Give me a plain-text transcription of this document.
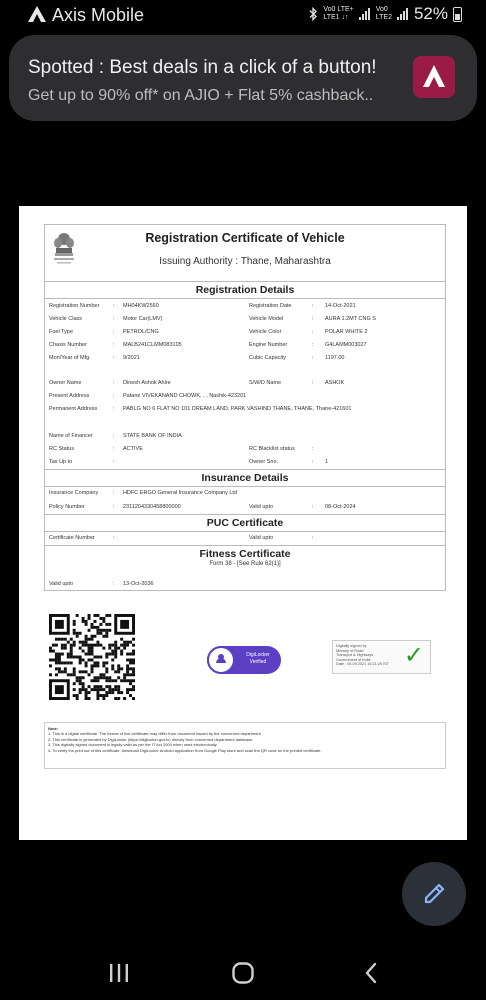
Axis Mobile	Vo0 LTE+
LTE1 ↓↑
Vo0
LTE2 52%
Spotted : Best deals in a click of a button!
Get up to 90% off* on AJIO + Flat 5% cashback..
Registration Certificate of Vehicle
Issuing Authority : Thane, Maharashtra
Registration Details
Registration Number : MH04KW2560	Registration Date	: 14-Oct-2021
Vehicle Class	: Motor Car(LMV)	Vehicle Model	: AURA 1.2MT CNG S
Fuel Type	: PETROL/CNG	Vehicle Color	: POLAR WHITE 2
Chasis Number	: MALB241CLMM083105	Engine Number	: G4LAMM003027
Mon/Year of Mfg.	: 9/2021	Cubic Capacity	: 1197.00
Owner Name	: Dinesh Ashok Ahire	S/W/D Name	: ASHOK
Present Address	: Patane VIVEKANAND CHOWK, , , Nashik-423201
Permanent Address	: PABLG NO 6 FLAT NO 101 DREAM LAND, PARK VASHIND THANE, THANE, Thane-421601
Name of Financer	: STATE BANK OF INDIA
RC Status	: ACTIVE	RC Blacklist status	:
Tax Up to	:	Owner Sno.	: 1
Insurance Details
Insurance Company	: HDFC ERGO General Insurance Company Ltd
Policy Number	: 2311204330458800000	Valid upto	: 08-Oct-2024
PUC Certificate
Certificate Number	:	Valid upto	:
Fitness Certificate
Form 38 - [See Rule 62(1)]
Valid upto	: 13-Oct-2036
DigiLocker
Verified
Digitally signed by
Ministry of Road
Transport & Highways
Government of India
Date : 05.09.2021 16:21:25 IST ✓
Note:
1. This is a digital certificate. The format of this certificate may differ from document issued by the concerned department.
2. This certificate is generated by DigiLocker (https://digilocker.gov.in) directly from concerned department database.
3. This digitally signed document is legally valid as per the IT Act 2000 when used electronically.
4. To verify the print out of this certificate, download DigiLocker Android application from Google Play store and scan the QR code on the printed certificate.
